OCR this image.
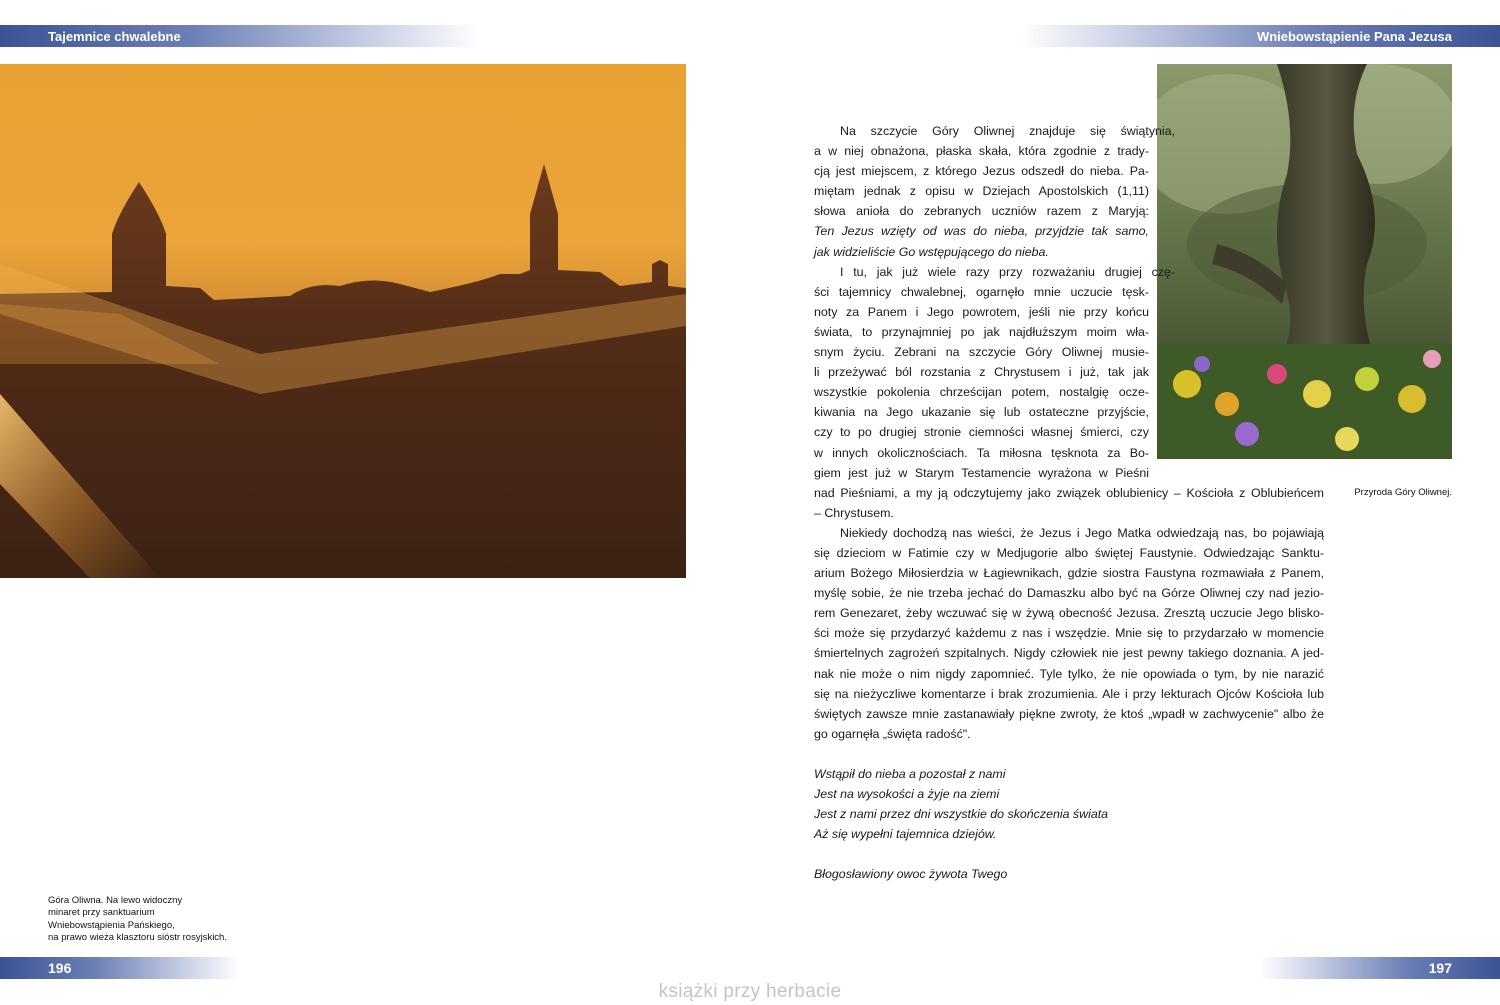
Tajemnice chwalebne	Wniebowstąpienie Pana Jezusa
Góra Oliwna. Na lewo widoczny
minaret przy sanktuarium
Wniebowstąpienia Pańskiego,
na prawo wieża klasztoru sióstr rosyjskich.
Przyroda Góry Oliwnej.
Na szczycie Góry Oliwnej znajduje się świątynia,
a w niej obnażona, płaska skała, która zgodnie z trady-
cją jest miejscem, z którego Jezus odszedł do nieba. Pa-
miętam jednak z opisu w Dziejach Apostolskich (1,11)
słowa anioła do zebranych uczniów razem z Maryją:
Ten Jezus wzięty od was do nieba, przyjdzie tak samo,
jak widzieliście Go wstępującego do nieba.
I tu, jak już wiele razy przy rozważaniu drugiej czę-
ści tajemnicy chwalebnej, ogarnęło mnie uczucie tęsk-
noty za Panem i Jego powrotem, jeśli nie przy końcu
świata, to przynajmniej po jak najdłuższym moim wła-
snym życiu. Zebrani na szczycie Góry Oliwnej musie-
li przeżywać ból rozstania z Chrystusem i już, tak jak
wszystkie pokolenia chrześcijan potem, nostalgię ocze-
kiwania na Jego ukazanie się lub ostateczne przyjście,
czy to po drugiej stronie ciemności własnej śmierci, czy
w innych okolicznościach. Ta miłosna tęsknota za Bo-
giem jest już w Starym Testamencie wyrażona w Pieśni
nad Pieśniami, a my ją odczytujemy jako związek oblubienicy – Kościoła z Oblubieńcem
– Chrystusem.
Niekiedy dochodzą nas wieści, że Jezus i Jego Matka odwiedzają nas, bo pojawiają
się dzieciom w Fatimie czy w Medjugorie albo świętej Faustynie. Odwiedzając Sanktu-
arium Bożego Miłosierdzia w Łagiewnikach, gdzie siostra Faustyna rozmawiała z Panem,
myślę sobie, że nie trzeba jechać do Damaszku albo być na Górze Oliwnej czy nad jezio-
rem Genezaret, żeby wczuwać się w żywą obecność Jezusa. Zresztą uczucie Jego blisko-
ści może się przydarzyć każdemu z nas i wszędzie. Mnie się to przydarzało w momencie
śmiertelnych zagrożeń szpitalnych. Nigdy człowiek nie jest pewny takiego doznania. A jed-
nak nie może o nim nigdy zapomnieć. Tyle tylko, że nie opowiada o tym, by nie narazić
się na nieżyczliwe komentarze i brak zrozumienia. Ale i przy lekturach Ojców Kościoła lub
świętych zawsze mnie zastanawiały piękne zwroty, że ktoś „wpadł w zachwycenie" albo że
go ogarnęła „święta radość".
Wstąpił do nieba a pozostał z nami
Jest na wysokości a żyje na ziemi
Jest z nami przez dni wszystkie do skończenia świata
Aż się wypełni tajemnica dziejów.
Błogosławiony owoc żywota Twego
196	197
książki przy herbacie
